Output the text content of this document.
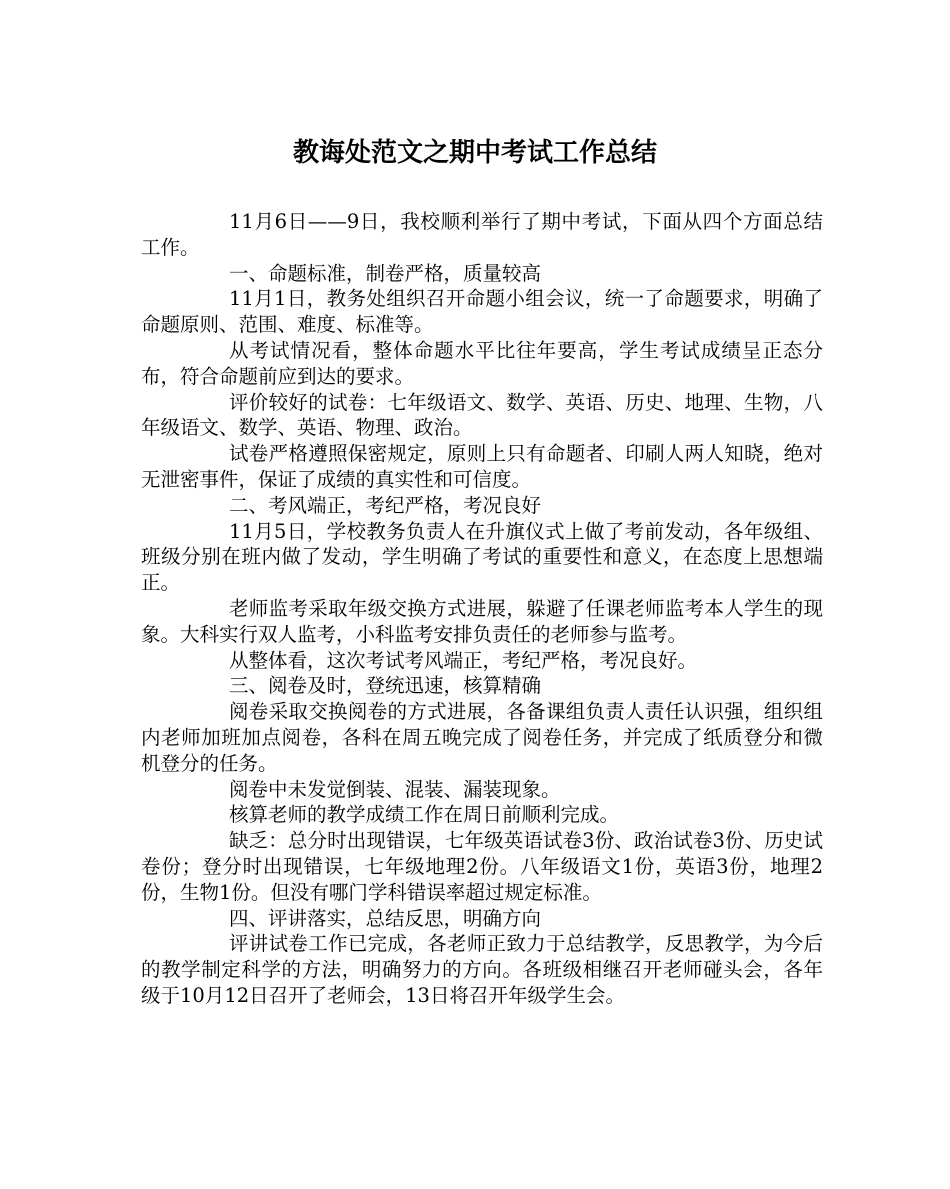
教诲处范文之期中考试工作总结

11月6日——9日，我校顺利举行了期中考试，下面从四个方面总结工作。

一、命题标准，制卷严格，质量较高

11月1日，教务处组织召开命题小组会议，统一了命题要求，明确了命题原则、范围、难度、标准等。

从考试情况看，整体命题水平比往年要高，学生考试成绩呈正态分布，符合命题前应到达的要求。

评价较好的试卷：七年级语文、数学、英语、历史、地理、生物，八年级语文、数学、英语、物理、政治。

试卷严格遵照保密规定，原则上只有命题者、印刷人两人知晓，绝对无泄密事件，保证了成绩的真实性和可信度。

二、考风端正，考纪严格，考况良好

11月5日，学校教务负责人在升旗仪式上做了考前发动，各年级组、班级分别在班内做了发动，学生明确了考试的重要性和意义，在态度上思想端正。

老师监考采取年级交换方式进展，躲避了任课老师监考本人学生的现象。大科实行双人监考，小科监考安排负责任的老师参与监考。

从整体看，这次考试考风端正，考纪严格，考况良好。

三、阅卷及时，登统迅速，核算精确

阅卷采取交换阅卷的方式进展，各备课组负责人责任认识强，组织组内老师加班加点阅卷，各科在周五晚完成了阅卷任务，并完成了纸质登分和微机登分的任务。

阅卷中未发觉倒装、混装、漏装现象。

核算老师的教学成绩工作在周日前顺利完成。

缺乏：总分时出现错误，七年级英语试卷3份、政治试卷3份、历史试卷份；登分时出现错误，七年级地理2份。八年级语文1份，英语3份，地理2份，生物1份。但没有哪门学科错误率超过规定标准。

四、评讲落实，总结反思，明确方向

评讲试卷工作已完成，各老师正致力于总结教学，反思教学，为今后的教学制定科学的方法，明确努力的方向。各班级相继召开老师碰头会，各年级于10月12日召开了老师会，13日将召开年级学生会。
